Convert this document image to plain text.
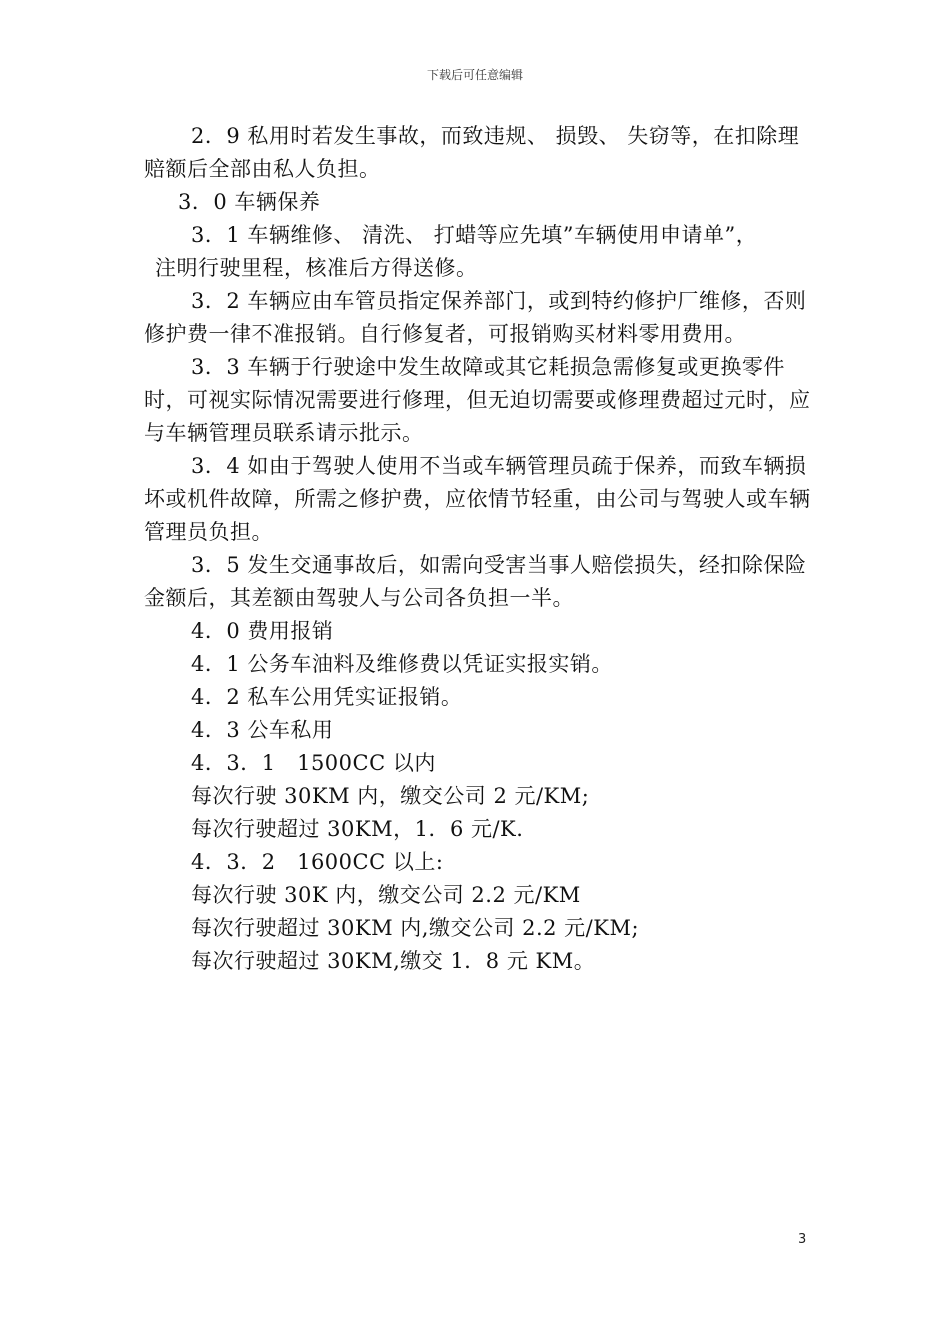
下载后可任意编辑

2．9 私用时若发生事故，而致违规、 损毁、 失窃等，在扣除理赔额后全部由私人负担。

3．0 车辆保养

3．1 车辆维修、 清洗、 打蜡等应先填”车辆使用申请单”，

注明行驶里程，核准后方得送修。

3．2 车辆应由车管员指定保养部门，或到特约修护厂维修，否则修护费一律不准报销。自行修复者，可报销购买材料零用费用。

3．3 车辆于行驶途中发生故障或其它耗损急需修复或更换零件时，可视实际情况需要进行修理，但无迫切需要或修理费超过元时，应与车辆管理员联系请示批示。

3．4 如由于驾驶人使用不当或车辆管理员疏于保养，而致车辆损坏或机件故障，所需之修护费，应依情节轻重，由公司与驾驶人或车辆管理员负担。

3．5 发生交通事故后，如需向受害当事人赔偿损失，经扣除保险金额后，其差额由驾驶人与公司各负担一半。

4．0 费用报销

4．1 公务车油料及维修费以凭证实报实销。

4．2 私车公用凭实证报销。

4．3 公车私用

4．3．1　1500CC 以内

每次行驶 30KM 内，缴交公司 2 元/KM;

每次行驶超过 30KM，1．6 元/K.

4．3．2　1600CC 以上:

每次行驶 30K 内，缴交公司 2.2 元/KM

每次行驶超过 30KM 内,缴交公司 2.2 元/KM;

每次行驶超过 30KM,缴交 1．8 元 KM。

3
